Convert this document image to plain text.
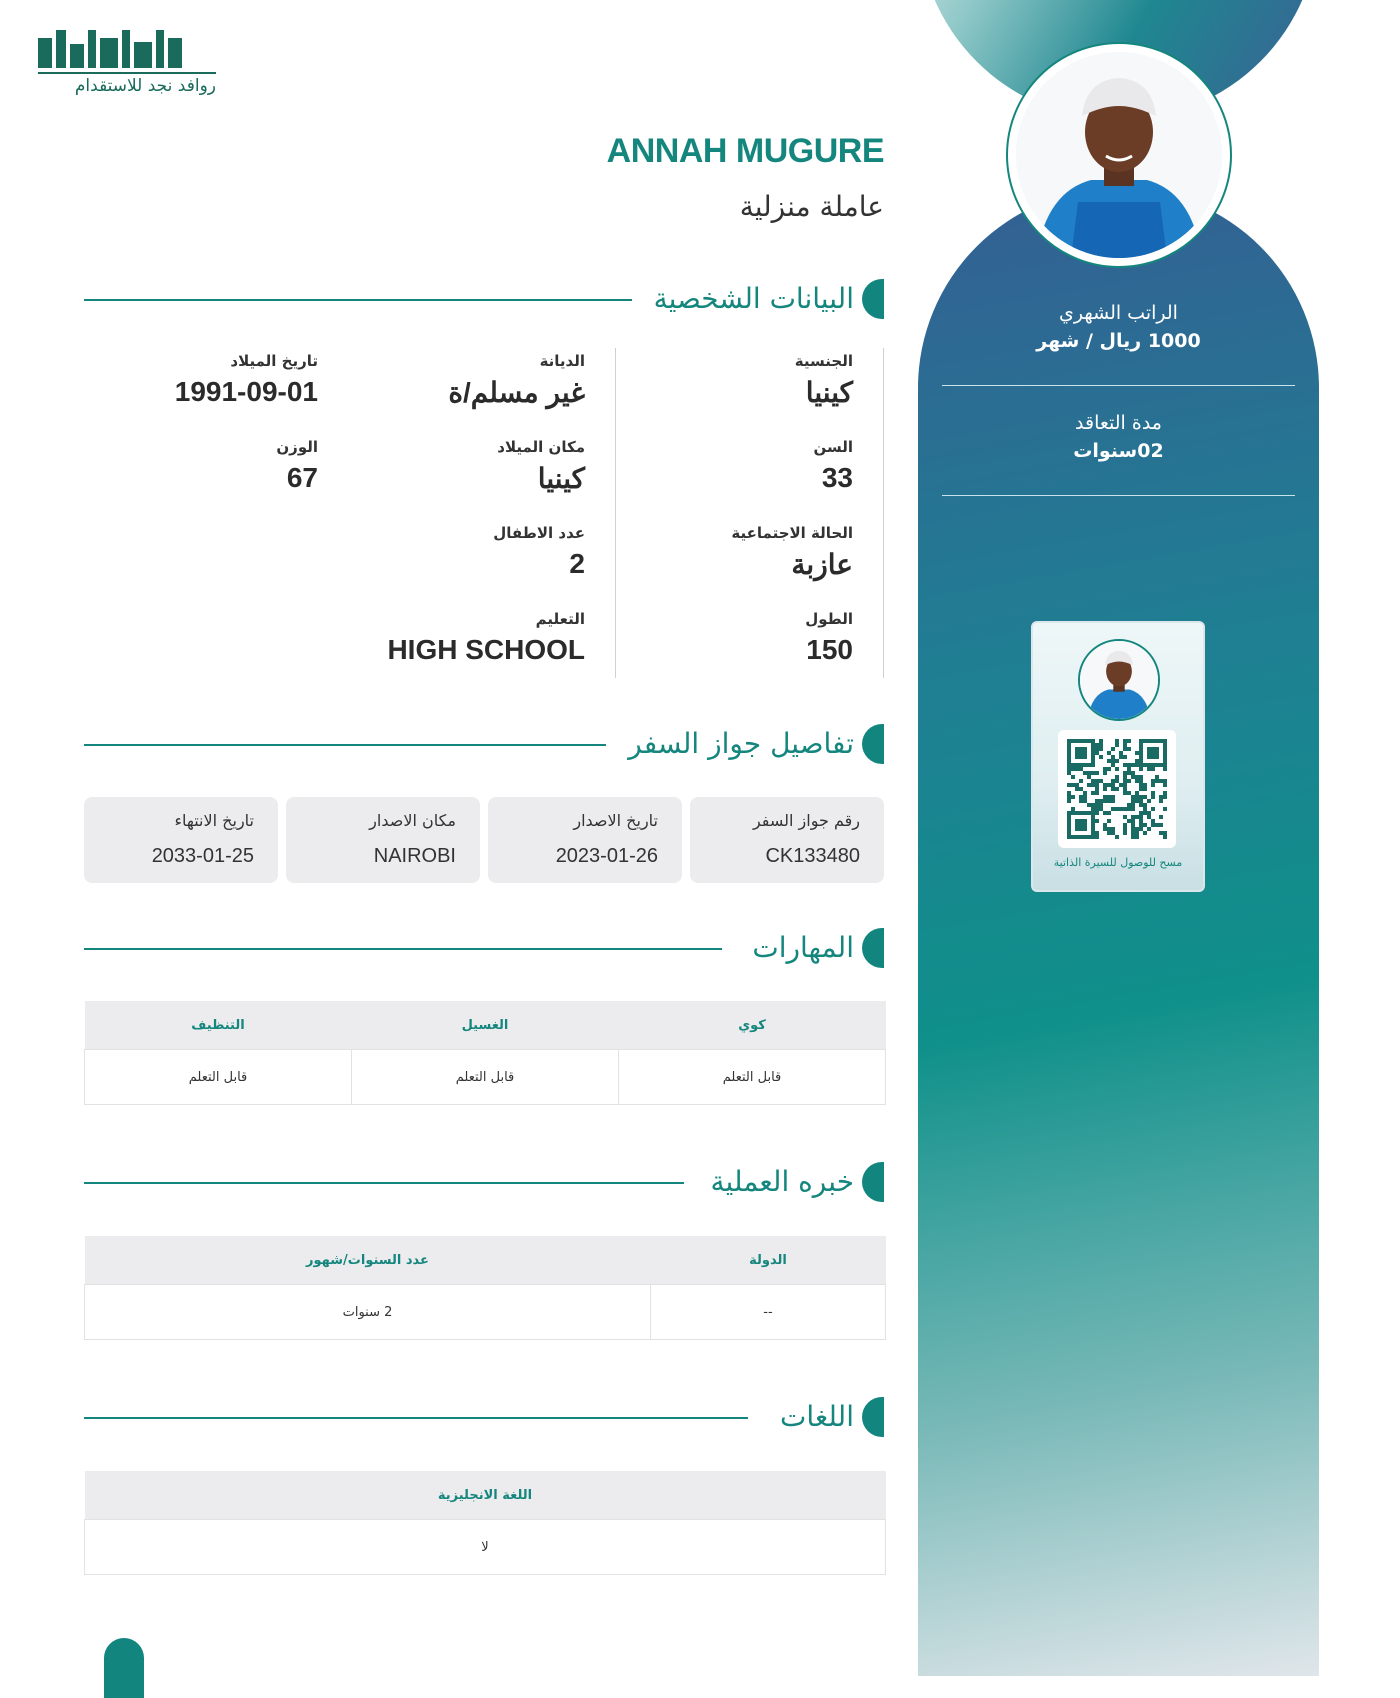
روافد نجد للاستقدام
ANNAH MUGURE
عاملة منزلية
البيانات الشخصية
الجنسية
كينيا
السن
33
الحالة الاجتماعية
عازبة
الطول
150
الديانة
غير مسلم/ة
مكان الميلاد
كينيا
عدد الاطفال
2
التعليم
HIGH SCHOOL
تاريخ الميلاد
1991-09-01
الوزن
67
تفاصيل جواز السفر
رقم جواز السفر
CK133480
تاريخ الاصدار
2023-01-26
مكان الاصدار
NAIROBI
تاريخ الانتهاء
2033-01-25
المهارات
كوي	الغسيل	التنظيف
قابل التعلم	قابل التعلم	قابل التعلم
خبره العملية
الدولة	عدد السنوات/شهور
--	2 سنوات
اللغات
اللغة الانجليزية
لا
الراتب الشهري
1000 ريال / شهر
مدة التعاقد
02سنوات
مسح للوصول للسيرة الذاتية
